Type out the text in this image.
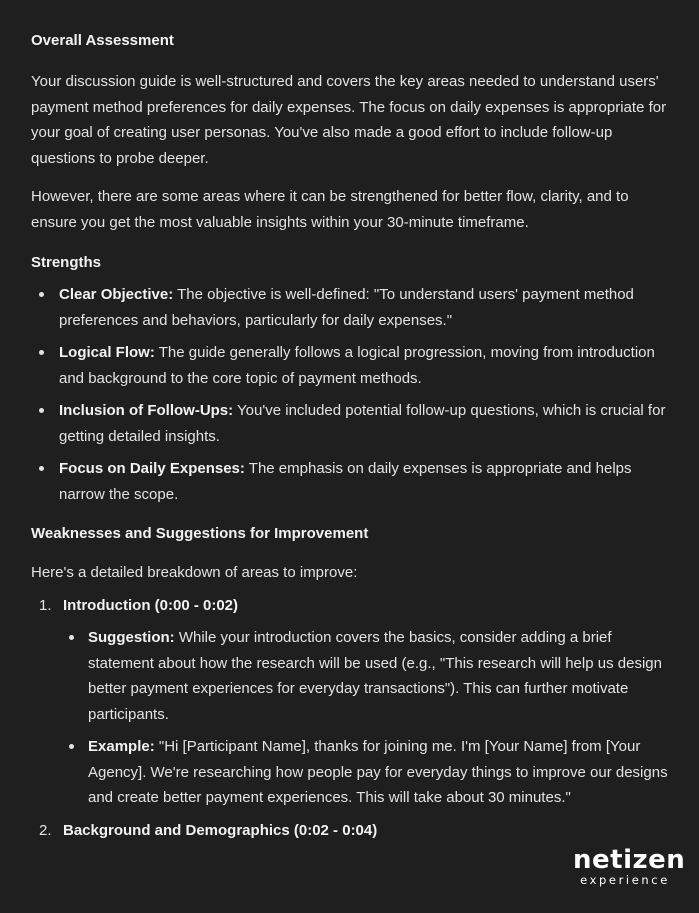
Overall Assessment

Your discussion guide is well-structured and covers the key areas needed to understand users' payment method preferences for daily expenses. The focus on daily expenses is appropriate for your goal of creating user personas. You've also made a good effort to include follow-up questions to probe deeper.

However, there are some areas where it can be strengthened for better flow, clarity, and to ensure you get the most valuable insights within your 30-minute timeframe.

Strengths
Clear Objective: The objective is well-defined: "To understand users' payment method preferences and behaviors, particularly for daily expenses."
Logical Flow: The guide generally follows a logical progression, moving from introduction and background to the core topic of payment methods.
Inclusion of Follow-Ups: You've included potential follow-up questions, which is crucial for getting detailed insights.
Focus on Daily Expenses: The emphasis on daily expenses is appropriate and helps narrow the scope.
Weaknesses and Suggestions for Improvement

Here's a detailed breakdown of areas to improve:

1. Introduction (0:00 - 0:02)
Suggestion: While your introduction covers the basics, consider adding a brief statement about how the research will be used (e.g., "This research will help us design better payment experiences for everyday transactions"). This can further motivate participants.
Example: "Hi [Participant Name], thanks for joining me. I'm [Your Name] from [Your Agency]. We're researching how people pay for everyday things to improve our designs and create better payment experiences. This will take about 30 minutes."
2. Background and Demographics (0:02 - 0:04)
netizen
experience
